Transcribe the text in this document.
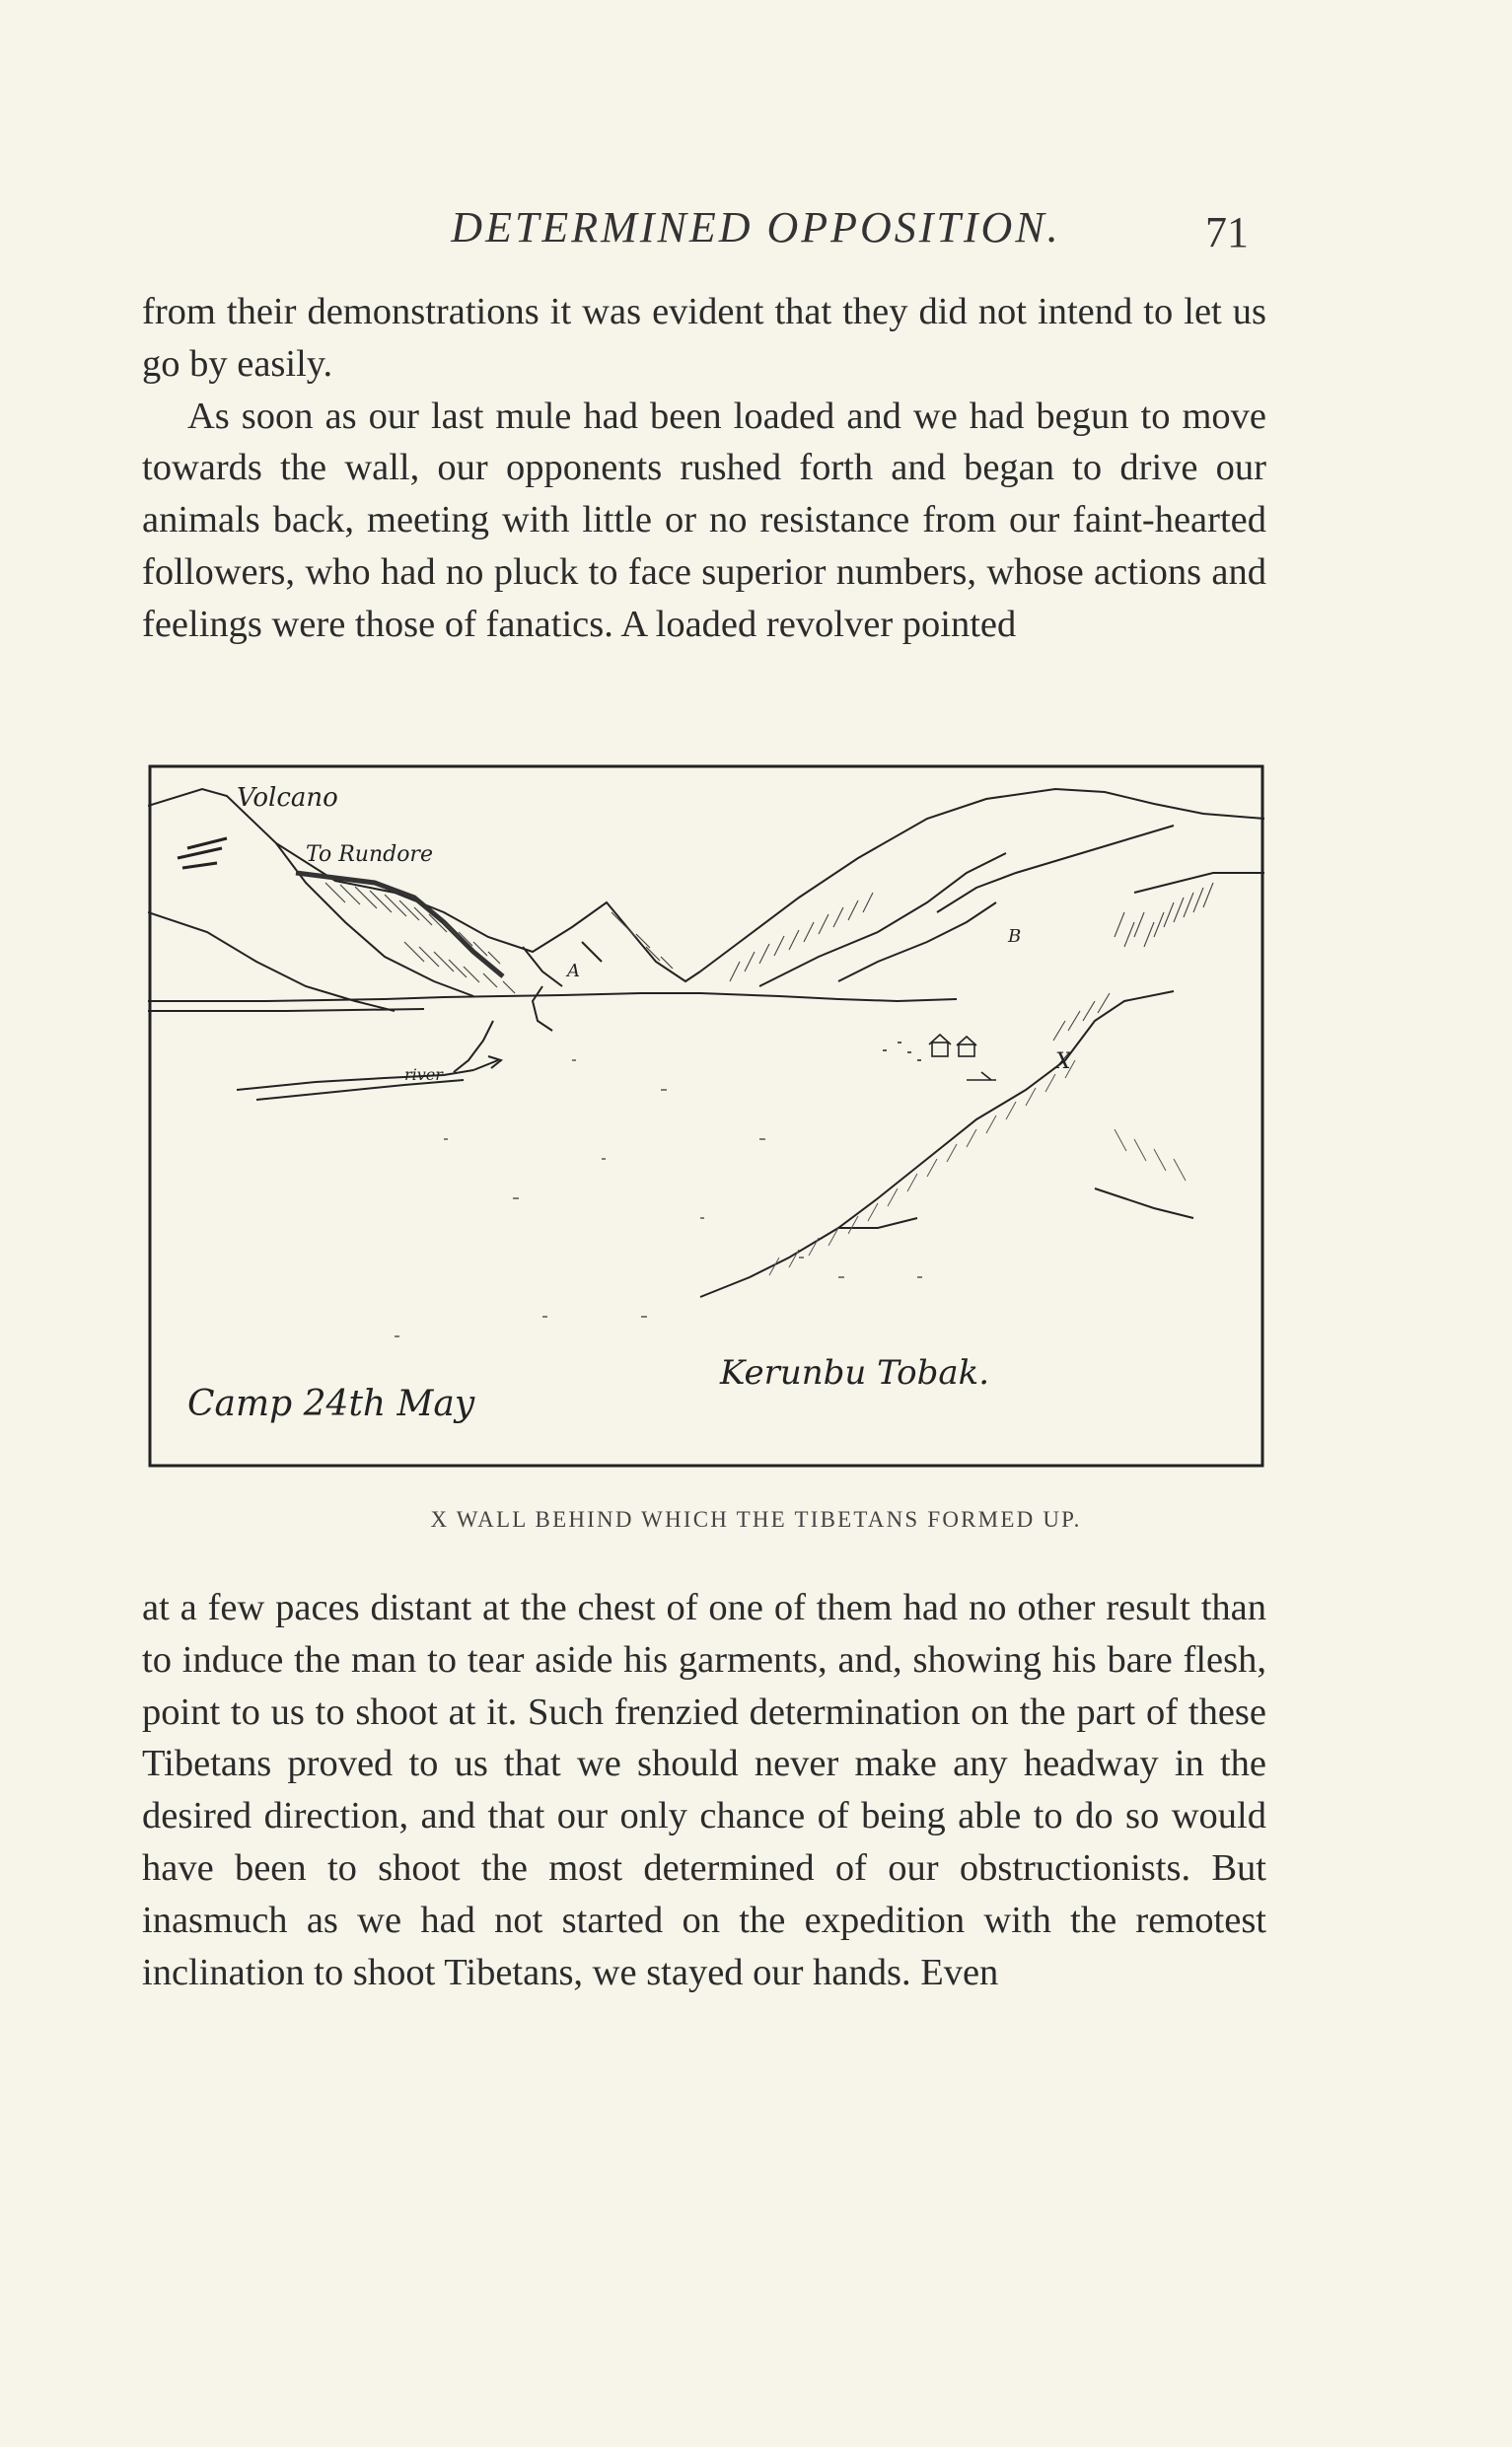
DETERMINED OPPOSITION.	71

from their demonstrations it was evident that they did not intend to let us go by easily.

As soon as our last mule had been loaded and we had begun to move towards the wall, our opponents rushed forth and began to drive our animals back, meeting with little or no resistance from our faint-hearted followers, who had no pluck to face superior numbers, whose actions and feelings were those of fanatics. A loaded revolver pointed

Volcano
To Rundore
river
A
B
X
Camp 24th May
Kerunbu Tobak.
X WALL BEHIND WHICH THE TIBETANS FORMED UP.

at a few paces distant at the chest of one of them had no other result than to induce the man to tear aside his garments, and, showing his bare flesh, point to us to shoot at it. Such frenzied determination on the part of these Tibetans proved to us that we should never make any headway in the desired direction, and that our only chance of being able to do so would have been to shoot the most determined of our obstructionists. But inasmuch as we had not started on the expedition with the remotest inclination to shoot Tibetans, we stayed our hands. Even
